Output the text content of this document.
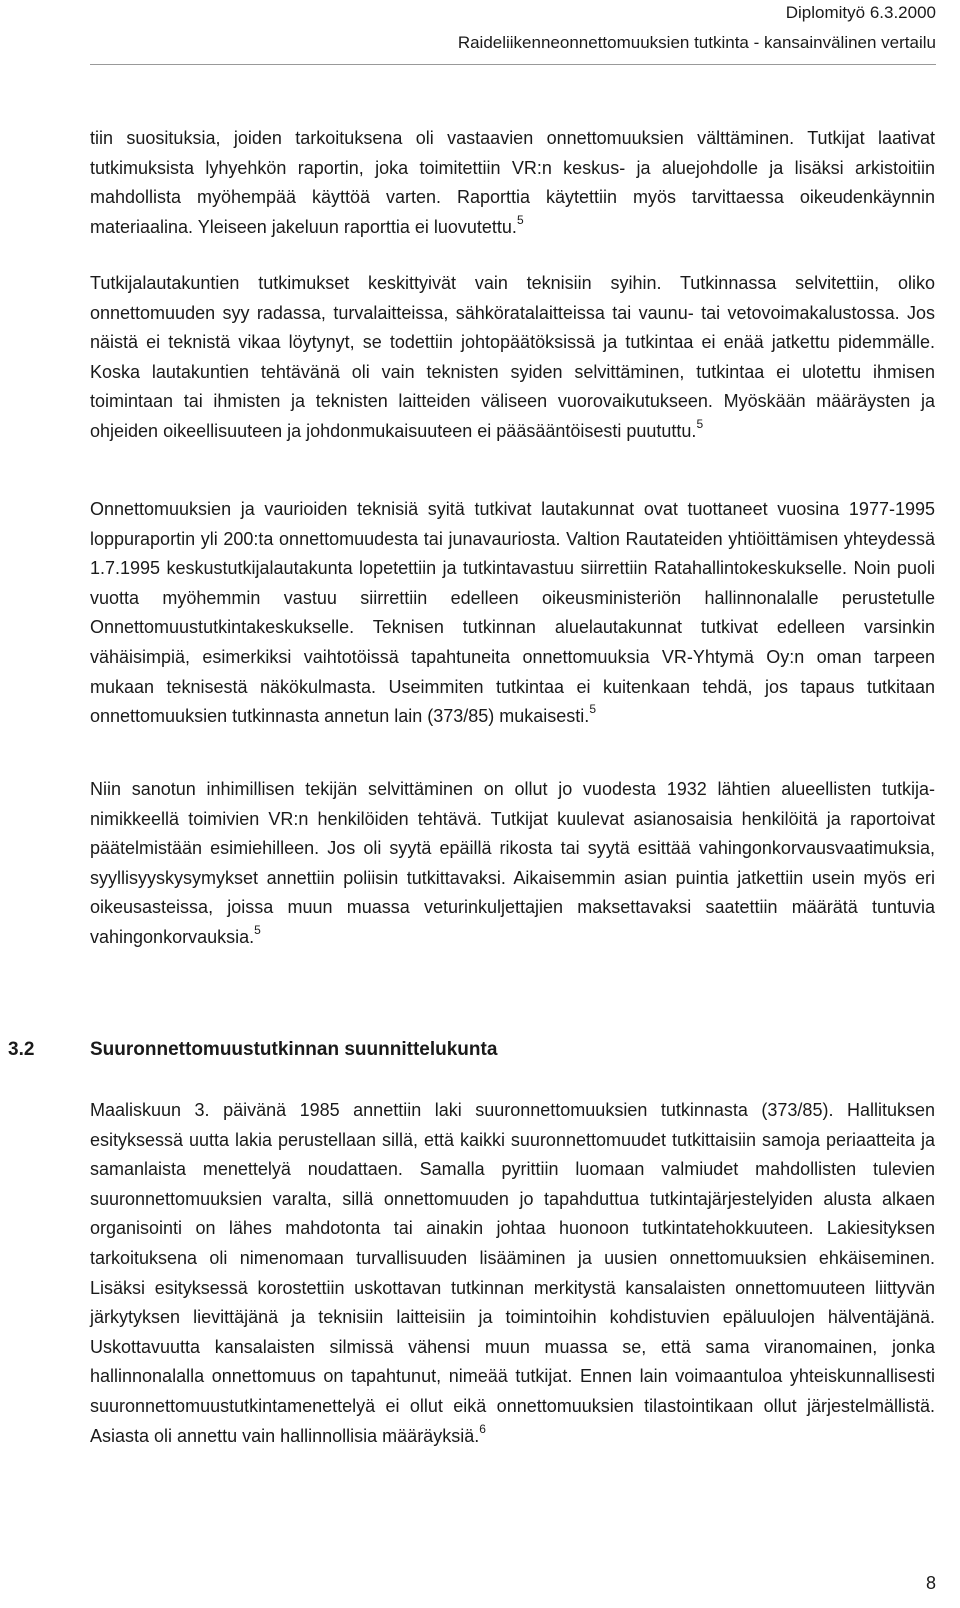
Diplomityö 6.3.2000
Raideliikenneonnettomuuksien tutkinta - kansainvälinen vertailu

tiin suosituksia, joiden tarkoituksena oli vastaavien onnettomuuksien välttäminen. Tutkijat laativat tutkimuksista lyhyehkön raportin, joka toimitettiin VR:n keskus- ja aluejohdolle ja lisäksi arkistoitiin mahdollista myöhempää käyttöä varten. Raporttia käytettiin myös tarvittaessa oikeudenkäynnin materiaalina. Yleiseen jakeluun raporttia ei luovutettu.$^5$

Tutkijalautakuntien tutkimukset keskittyivät vain teknisiin syihin. Tutkinnassa selvitettiin, oliko onnettomuuden syy radassa, turvalaitteissa, sähköratalaitteissa tai vaunu- tai vetovoimakalustossa. Jos näistä ei teknistä vikaa löytynyt, se todettiin johtopäätöksissä ja tutkintaa ei enää jatkettu pidemmälle. Koska lautakuntien tehtävänä oli vain teknisten syiden selvittäminen, tutkintaa ei ulotettu ihmisen toimintaan tai ihmisten ja teknisten laitteiden väliseen vuorovaikutukseen. Myöskään määräysten ja ohjeiden oikeellisuuteen ja johdonmukaisuuteen ei pääsääntöisesti puututtu.$^5$

Onnettomuuksien ja vaurioiden teknisiä syitä tutkivat lautakunnat ovat tuottaneet vuosina 1977-1995 loppuraportin yli 200:ta onnettomuudesta tai junavauriosta. Valtion Rautateiden yhtiöittämisen yhteydessä 1.7.1995 keskustutkijalautakunta lopetettiin ja tutkintavastuu siirrettiin Ratahallintokeskukselle. Noin puoli vuotta myöhemmin vastuu siirrettiin edelleen oikeusministeriön hallinnonalalle perustetulle Onnettomuustutkintakeskukselle. Teknisen tutkinnan aluelautakunnat tutkivat edelleen varsinkin vähäisimpiä, esimerkiksi vaihtotöissä tapahtuneita onnettomuuksia VR-Yhtymä Oy:n oman tarpeen mukaan teknisestä näkökulmasta. Useimmiten tutkintaa ei kuitenkaan tehdä, jos tapaus tutkitaan onnettomuuksien tutkinnasta annetun lain (373/85) mukaisesti.$^5$

Niin sanotun inhimillisen tekijän selvittäminen on ollut jo vuodesta 1932 lähtien alueellisten tutkija-nimikkeellä toimivien VR:n henkilöiden tehtävä. Tutkijat kuulevat asianosaisia henkilöitä ja raportoivat päätelmistään esimiehilleen. Jos oli syytä epäillä rikosta tai syytä esittää vahingonkorvausvaatimuksia, syyllisyyskysymykset annettiin poliisin tutkittavaksi. Aikaisemmin asian puintia jatkettiin usein myös eri oikeusasteissa, joissa muun muassa veturinkuljettajien maksettavaksi saatettiin määrätä tuntuvia vahingonkorvauksia.$^5$

3.2	Suuronnettomuustutkinnan suunnittelukunta

Maaliskuun 3. päivänä 1985 annettiin laki suuronnettomuuksien tutkinnasta (373/85). Hallituksen esityksessä uutta lakia perustellaan sillä, että kaikki suuronnettomuudet tutkittaisiin samoja periaatteita ja samanlaista menettelyä noudattaen. Samalla pyrittiin luomaan valmiudet mahdollisten tulevien suuronnettomuuksien varalta, sillä onnettomuuden jo tapahduttua tutkintajärjestelyiden alusta alkaen organisointi on lähes mahdotonta tai ainakin johtaa huonoon tutkintatehokkuuteen. Lakiesityksen tarkoituksena oli nimenomaan turvallisuuden lisääminen ja uusien onnettomuuksien ehkäiseminen. Lisäksi esityksessä korostettiin uskottavan tutkinnan merkitystä kansalaisten onnettomuuteen liittyvän järkytyksen lievittäjänä ja teknisiin laitteisiin ja toimintoihin kohdistuvien epäluulojen hälventäjänä. Uskottavuutta kansalaisten silmissä vähensi muun muassa se, että sama viranomainen, jonka hallinnonalalla onnettomuus on tapahtunut, nimeää tutkijat. Ennen lain voimaantuloa yhteiskunnallisesti suuronnettomuustutkintamenettelyä ei ollut eikä onnettomuuksien tilastointikaan ollut järjestelmällistä. Asiasta oli annettu vain hallinnollisia määräyksiä.$^6$

8
